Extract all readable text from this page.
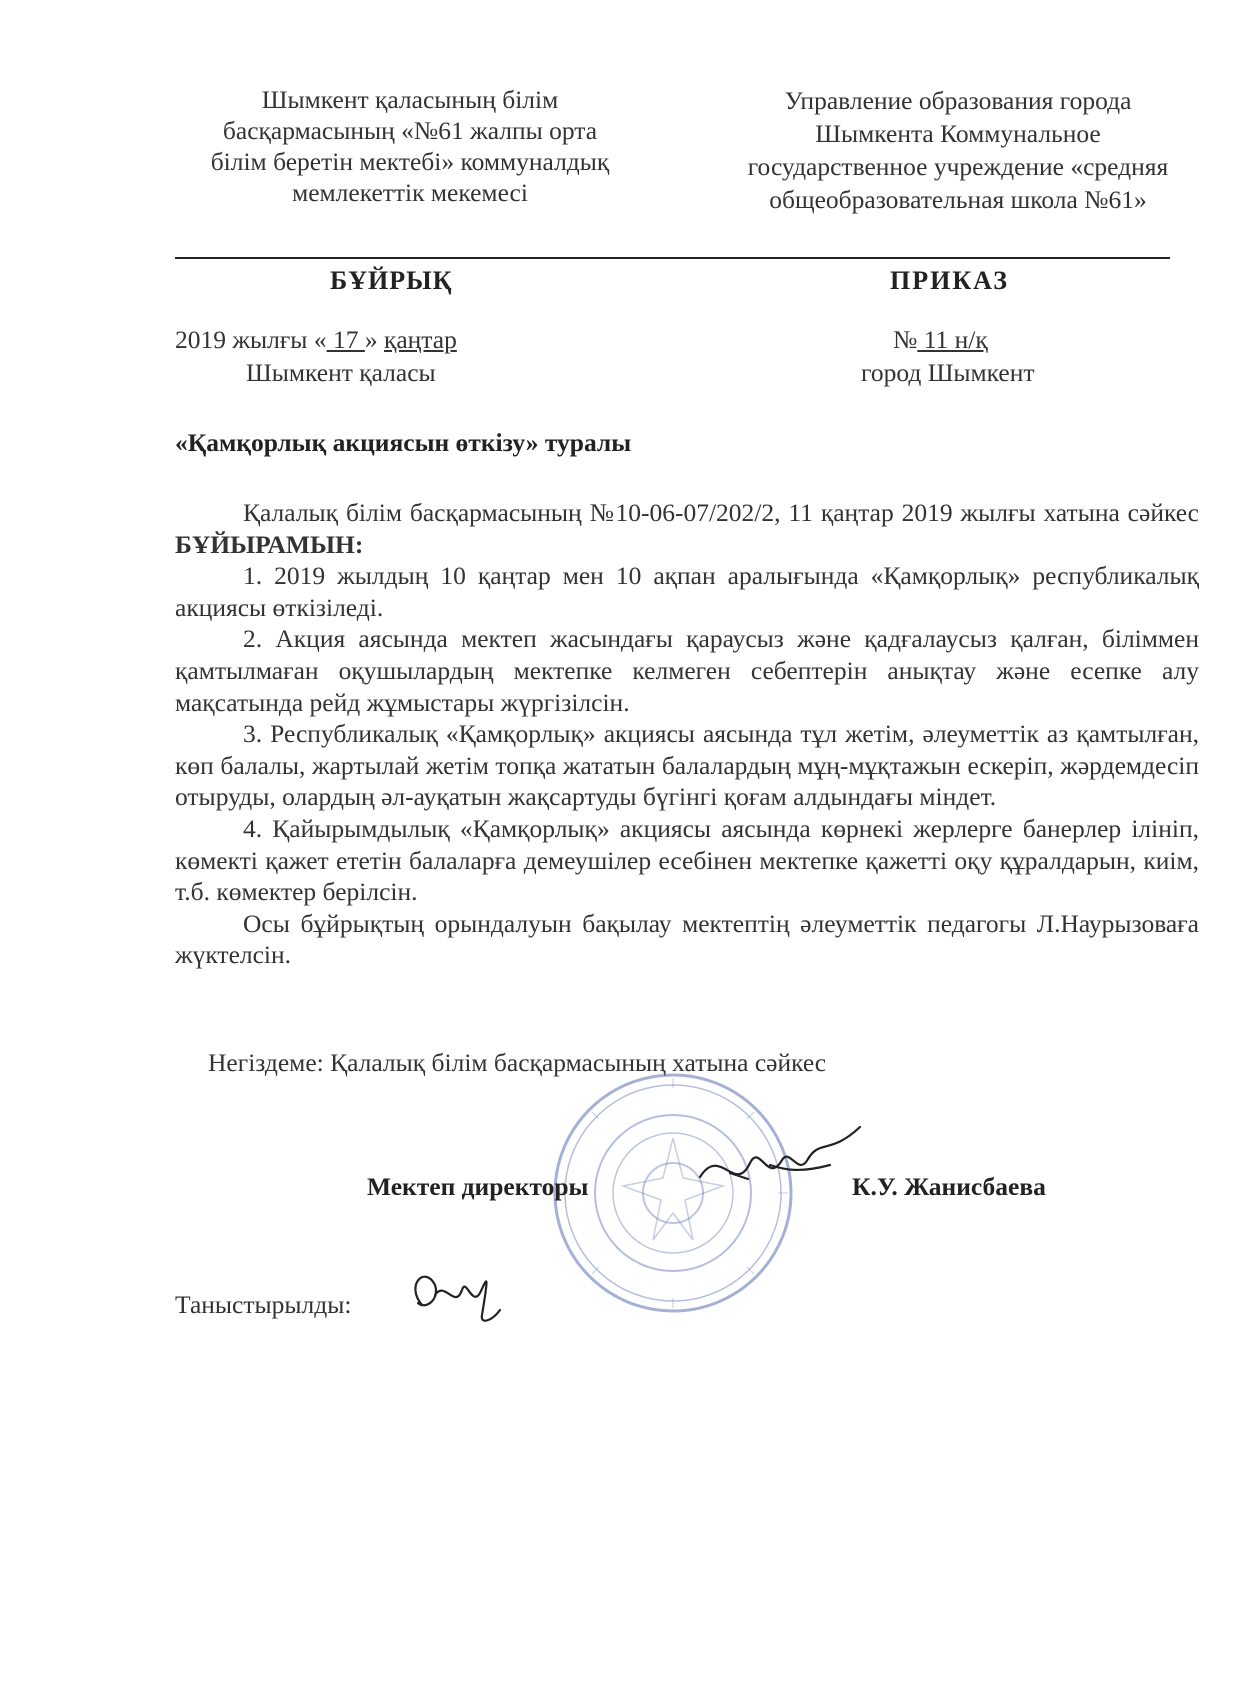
Шымкент қаласының білім
басқармасының «№61 жалпы орта
білім беретін мектебі» коммуналдық
мемлекеттік мекемесі
Управление образования города
Шымкента Коммунальное
государственное учреждение «средняя
общеобразовательная школа №61»
БҰЙРЫҚ	ПРИКАЗ
2019 жылғы « 17 » қаңтар	№ 11 н/қ
Шымкент қаласы	город Шымкент
«Қамқорлық акциясын өткізу» туралы

Қалалық білім басқармасының №10-06-07/202/2, 11 қаңтар 2019 жылғы хатына сәйкес БҰЙЫРАМЫН:

1. 2019 жылдың 10 қаңтар мен 10 ақпан аралығында «Қамқорлық» республикалық акциясы өткізіледі.

2. Акция аясында мектеп жасындағы қараусыз және қадғалаусыз қалған, біліммен қамтылмаған оқушылардың мектепке келмеген себептерін анықтау және есепке алу мақсатында рейд жұмыстары жүргізілсін.

3. Республикалық «Қамқорлық» акциясы аясында тұл жетім, әлеуметтік аз қамтылған, көп балалы, жартылай жетім топқа жататын балалардың мұң-мұқтажын ескеріп, жәрдемдесіп отыруды, олардың әл-ауқатын жақсартуды бүгінгі қоғам алдындағы міндет.

4. Қайырымдылық «Қамқорлық» акциясы аясында көрнекі жерлерге банерлер ілініп, көмекті қажет ететін балаларға демеушілер есебінен мектепке қажетті оқу құралдарын, киім, т.б. көмектер берілсін.

Осы бұйрықтың орындалуын бақылау мектептің әлеуметтік педагогы Л.Наурызоваға жүктелсін.

Негіздеме: Қалалық білім басқармасының хатына сәйкес
Мектеп директоры	К.У. Жанисбаева
Таныстырылды:
